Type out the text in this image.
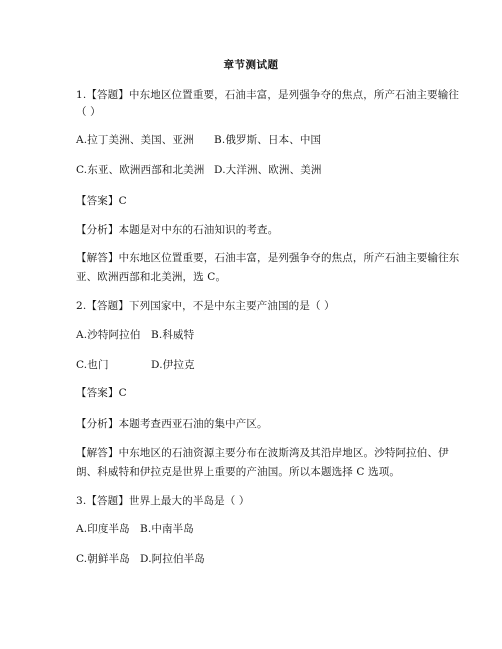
章节测试题
1.【答题】中东地区位置重要，石油丰富，是列强争夺的焦点，所产石油主要输往
（ ）
A.拉丁美洲、美国、亚洲 B.俄罗斯、日本、中国
C.东亚、欧洲西部和北美洲 D.大洋洲、欧洲、美洲
【答案】C
【分析】本题是对中东的石油知识的考查。
【解答】中东地区位置重要，石油丰富，是列强争夺的焦点，所产石油主要输往东
亚、欧洲西部和北美洲，选 C。
2.【答题】下列国家中，不是中东主要产油国的是（ ）
A.沙特阿拉伯 B.科威特
C.也门	D.伊拉克
【答案】C
【分析】本题考查西亚石油的集中产区。
【解答】中东地区的石油资源主要分布在波斯湾及其沿岸地区。沙特阿拉伯、伊
朗、科威特和伊拉克是世界上重要的产油国。所以本题选择 C 选项。
3.【答题】世界上最大的半岛是（ ）
A.印度半岛 B.中南半岛
C.朝鲜半岛 D.阿拉伯半岛
